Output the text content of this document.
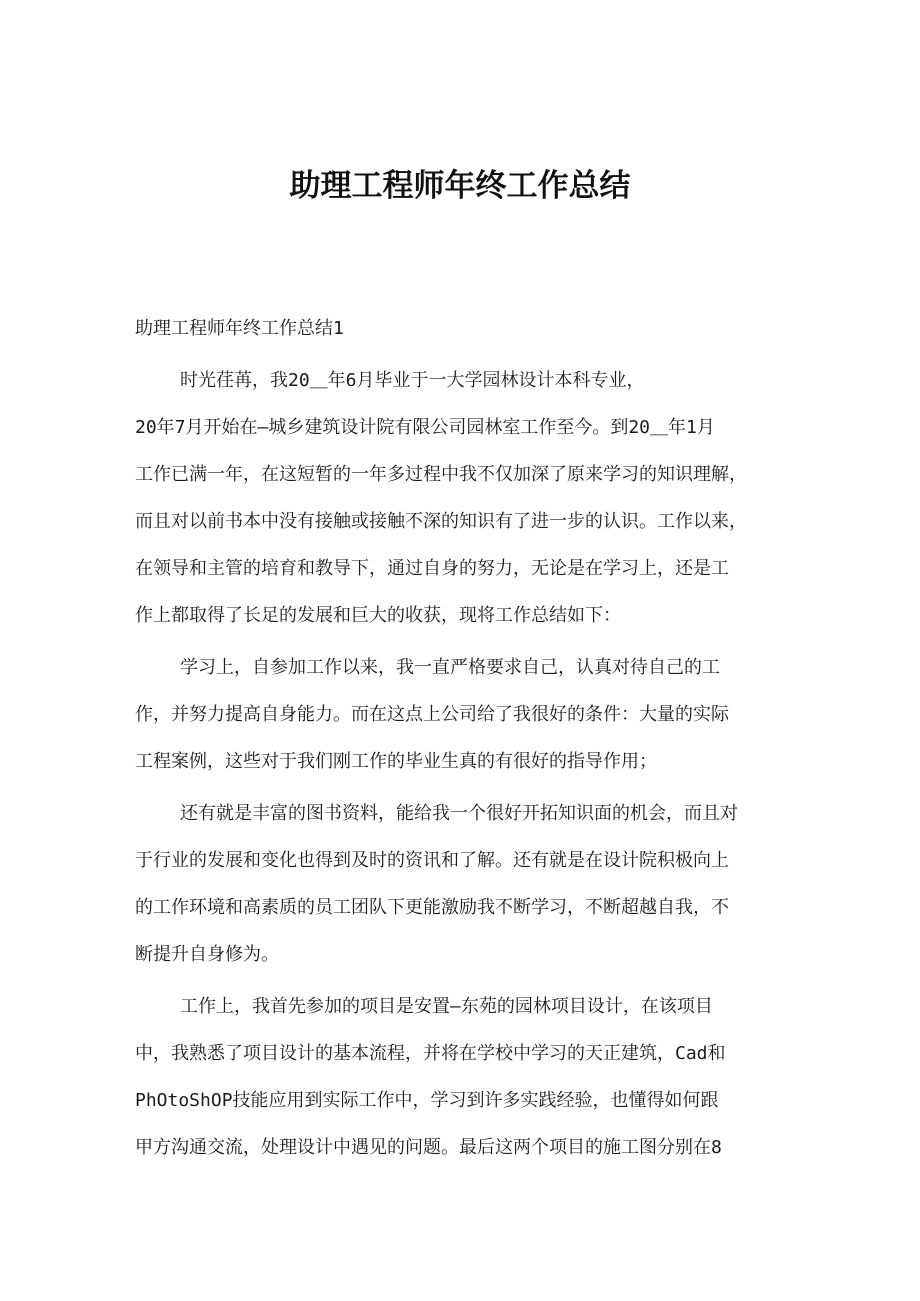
助理工程师年终工作总结

助理工程师年终工作总结1

时光荏苒，我20＿年6月毕业于一大学园林设计本科专业，

20年7月开始在—城乡建筑设计院有限公司园林室工作至今。到20＿年1月

工作已满一年，在这短暂的一年多过程中我不仅加深了原来学习的知识理解，

而且对以前书本中没有接触或接触不深的知识有了进一步的认识。工作以来，

在领导和主管的培育和教导下，通过自身的努力，无论是在学习上，还是工

作上都取得了长足的发展和巨大的收获，现将工作总结如下：

学习上，自参加工作以来，我一直严格要求自己，认真对待自己的工

作，并努力提高自身能力。而在这点上公司给了我很好的条件：大量的实际

工程案例，这些对于我们刚工作的毕业生真的有很好的指导作用；

还有就是丰富的图书资料，能给我一个很好开拓知识面的机会，而且对

于行业的发展和变化也得到及时的资讯和了解。还有就是在设计院积极向上

的工作环境和高素质的员工团队下更能激励我不断学习，不断超越自我，不

断提升自身修为。

工作上，我首先参加的项目是安置—东苑的园林项目设计，在该项目

中，我熟悉了项目设计的基本流程，并将在学校中学习的天正建筑，Cad和

PhOtoShOP技能应用到实际工作中，学习到许多实践经验，也懂得如何跟

甲方沟通交流，处理设计中遇见的问题。最后这两个项目的施工图分别在8
